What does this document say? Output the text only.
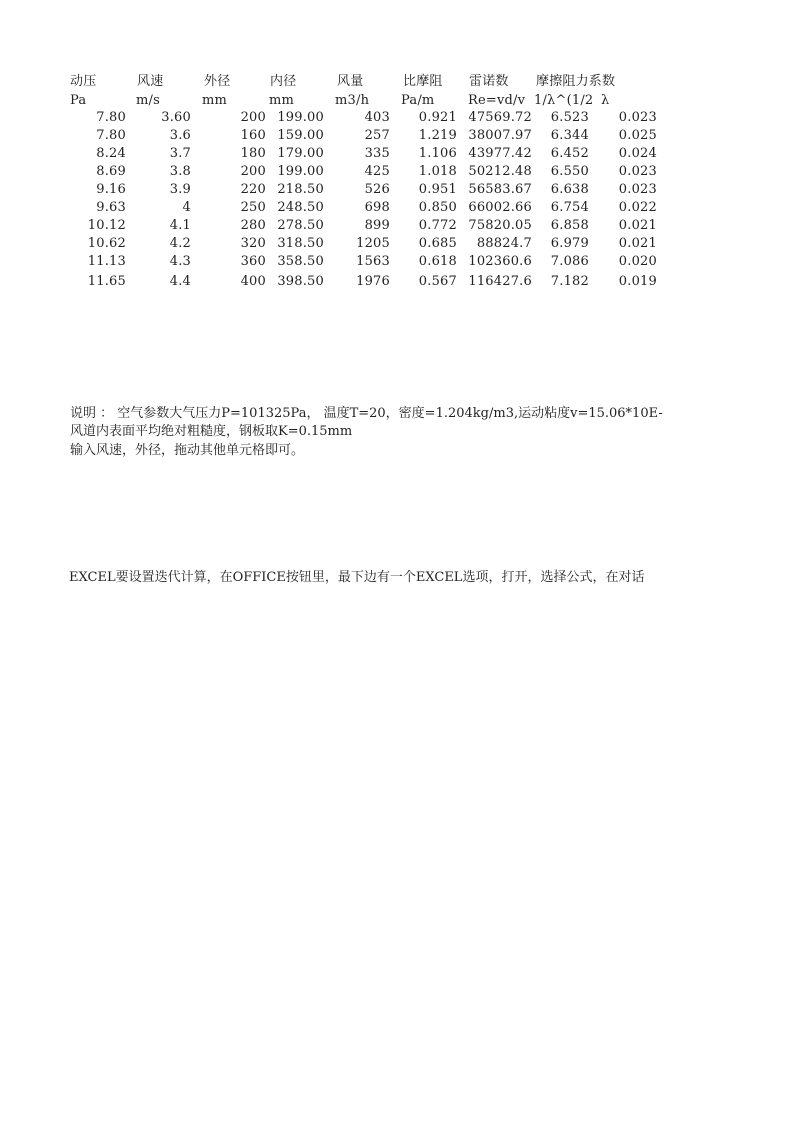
动压	风速	外径	内径	风量	比摩阻 雷诺数 摩擦阻力系数
Pa	m/s	mm	mm	m3/h Pa/m	Re=vd/v 1/λ^(1/2 λ
7.80	3.60	200 199.00	403	0.921 47569.72	6.523	0.023
7.80	3.6	160 159.00	257	1.219 38007.97	6.344	0.025
8.24	3.7	180 179.00	335	1.106 43977.42	6.452	0.024
8.69	3.8	200 199.00	425	1.018 50212.48	6.550	0.023
9.16	3.9	220 218.50	526	0.951 56583.67	6.638	0.023
9.63	4	250 248.50	698	0.850 66002.66	6.754	0.022
10.12	4.1	280 278.50	899	0.772 75820.05	6.858	0.021
10.62	4.2	320 318.50	1205	0.685	88824.7	6.979	0.021
11.13	4.3	360 358.50	1563	0.618 102360.6	7.086	0.020
11.65	4.4	400 398.50	1976	0.567 116427.6	7.182	0.019
说明 ： 空气参数大气压力P=101325Pa， 温度T=20，密度=1.204kg/m3,运动粘度v=15.06*10E-
风道内表面平均绝对粗糙度，钢板取K=0.15mm
输入风速，外径，拖动其他单元格即可。
EXCEL要设置迭代计算，在OFFICE按钮里，最下边有一个EXCEL选项，打开，选择公式，在对话
